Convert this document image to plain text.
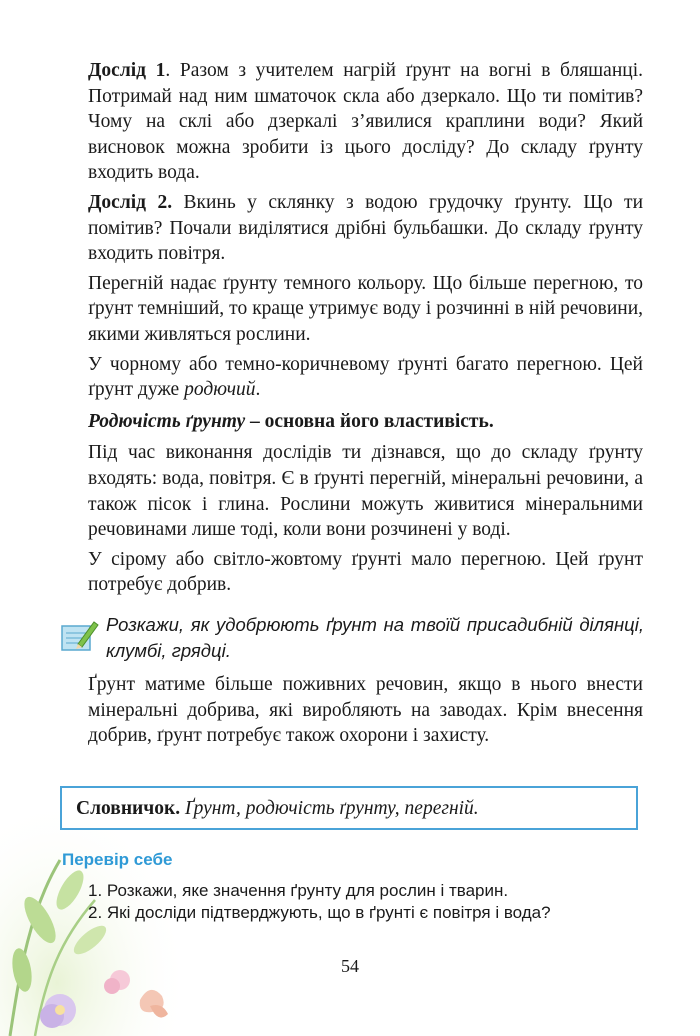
Дослід 1. Разом з учителем нагрій ґрунт на вогні в бляшанці. Потримай над ним шматочок скла або дзеркало. Що ти помітив? Чому на склі або дзеркалі з’явилися краплини води? Який висновок можна зробити із цього досліду? До складу ґрунту входить вода.

Дослід 2. Вкинь у склянку з водою грудочку ґрунту. Що ти помітив? Почали виділятися дрібні бульбашки. До складу ґрунту входить повітря.

Перегній надає ґрунту темного кольору. Що більше перегною, то ґрунт темніший, то краще утримує воду і розчинні в ній речовини, якими живляться рослини.

У чорному або темно-коричневому ґрунті багато перегною. Цей ґрунт дуже родючий.

Родючість ґрунту – основна його властивість.

Під час виконання дослідів ти дізнався, що до складу ґрунту входять: вода, повітря. Є в ґрунті перегній, мінеральні речовини, а також пісок і глина. Рослини можуть живитися мінеральними речовинами лише тоді, коли вони розчинені у воді.

У сірому або світло-жовтому ґрунті мало перегною. Цей ґрунт потребує добрив.

Розкажи, як удобрюють ґрунт на твоїй присадибній ділянці, клумбі, грядці.

Ґрунт матиме більше поживних речовин, якщо в нього внести мінеральні добрива, які виробляють на заводах. Крім внесення добрив, ґрунт потребує також охорони і захисту.

Словничок. Ґрунт, родючість ґрунту, перегній.
Перевір себе
1. Розкажи, яке значення ґрунту для рослин і тварин.
2. Які досліди підтверджують, що в ґрунті є повітря і вода?
54
